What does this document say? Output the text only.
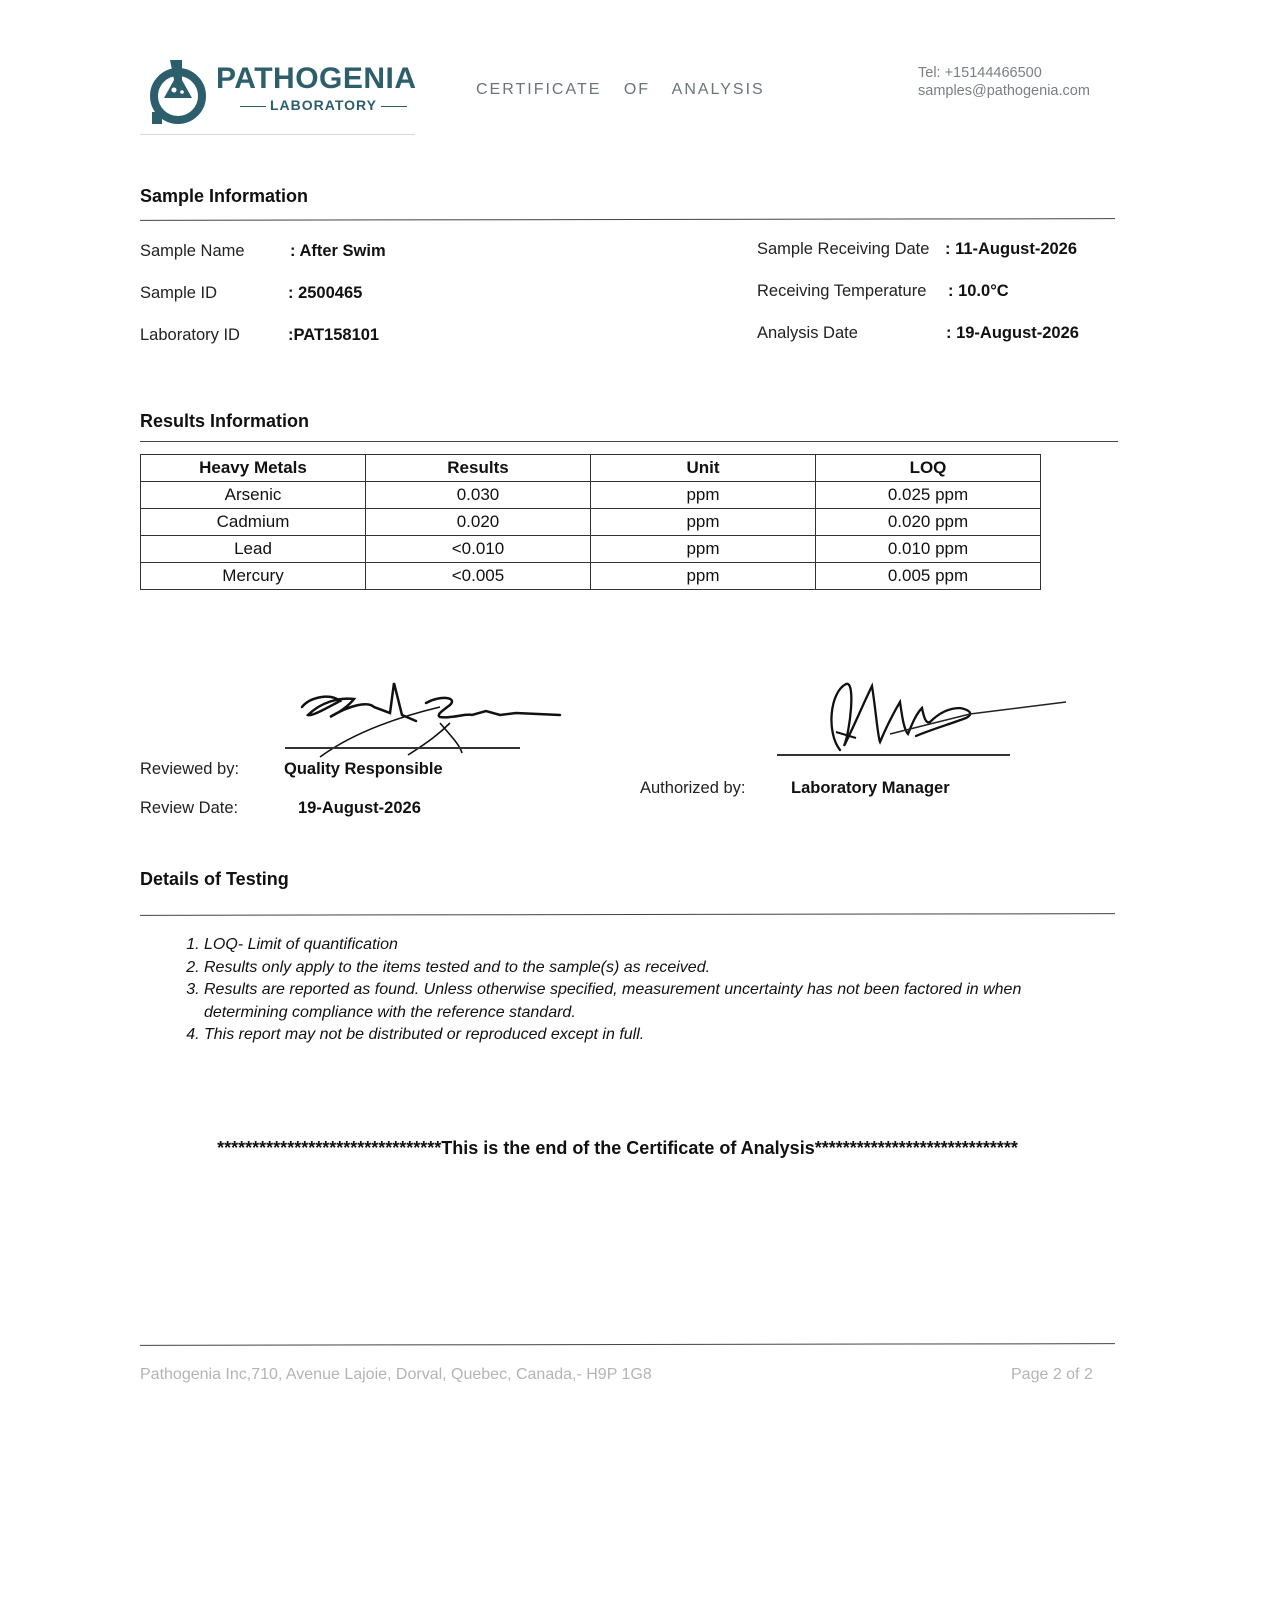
PATHOGENIA
LABORATORY
CERTIFICATE OF ANALYSIS
Tel: +15144466500
samples@pathogenia.com
Sample Information
Sample Name	: After Swim
Sample ID	: 2500465
Laboratory ID	:PAT158101
Sample Receiving Date : 11-August-2026
Receiving Temperature : 10.0°C
Analysis Date	: 19-August-2026
Results Information
Heavy Metals	Results	Unit	LOQ
Arsenic	0.030	ppm	0.025 ppm
Cadmium	0.020	ppm	0.020 ppm
Lead	<0.010	ppm	0.010 ppm
Mercury	<0.005	ppm	0.005 ppm
Reviewed by:	Quality Responsible
Review Date:	19-August-2026
Authorized by:	Laboratory Manager
Details of Testing
1. LOQ- Limit of quantification
2. Results only apply to the items tested and to the sample(s) as received.
3. Results are reported as found. Unless otherwise specified, measurement uncertainty has not been factored in when determining compliance with the reference standard.
4. This report may not be distributed or reproduced except in full.
********************************This is the end of the Certificate of Analysis*****************************
Pathogenia Inc,710, Avenue Lajoie, Dorval, Quebec, Canada,- H9P 1G8	Page 2 of 2
